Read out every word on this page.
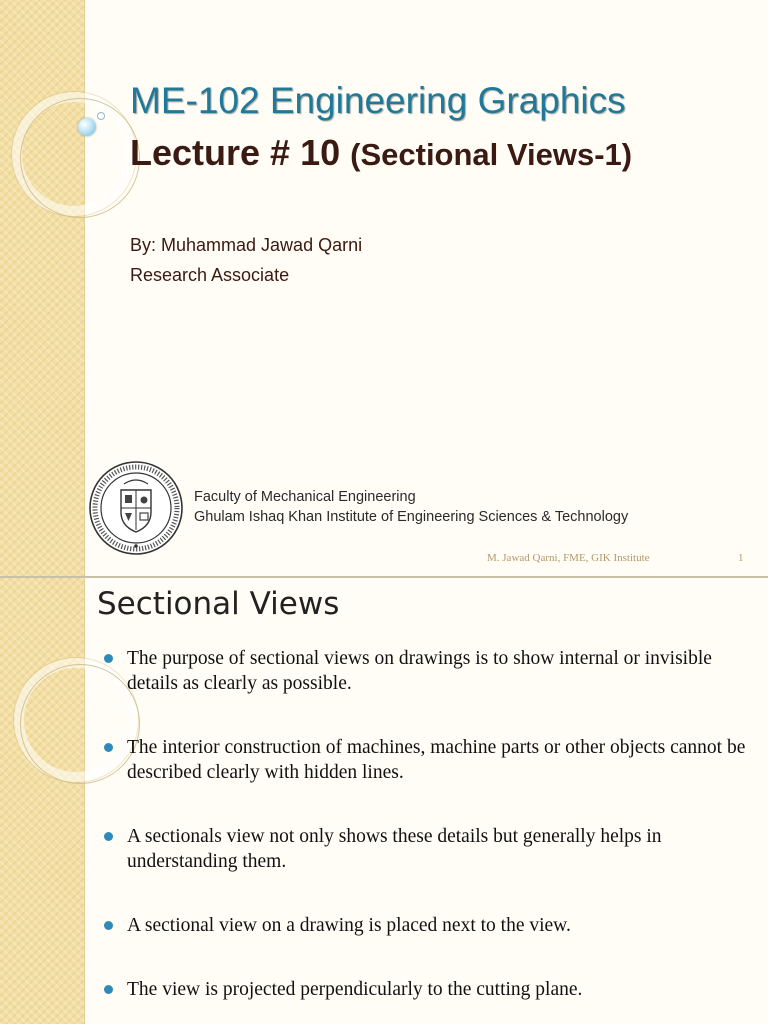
ME-102 Engineering Graphics
Lecture # 10 (Sectional Views-1)
By: Muhammad Jawad Qarni
Research Associate
Faculty of Mechanical Engineering
Ghulam Ishaq Khan Institute of Engineering Sciences & Technology
M. Jawad Qarni, FME, GIK Institute	1
Sectional Views
The purpose of sectional views on drawings is to show internal or invisible details as clearly as possible.
The interior construction of machines, machine parts or other objects cannot be described clearly with hidden lines.
A sectionals view not only shows these details but generally helps in understanding them.
A sectional view on a drawing is placed next to the view.
The view is projected perpendicularly to the cutting plane.
